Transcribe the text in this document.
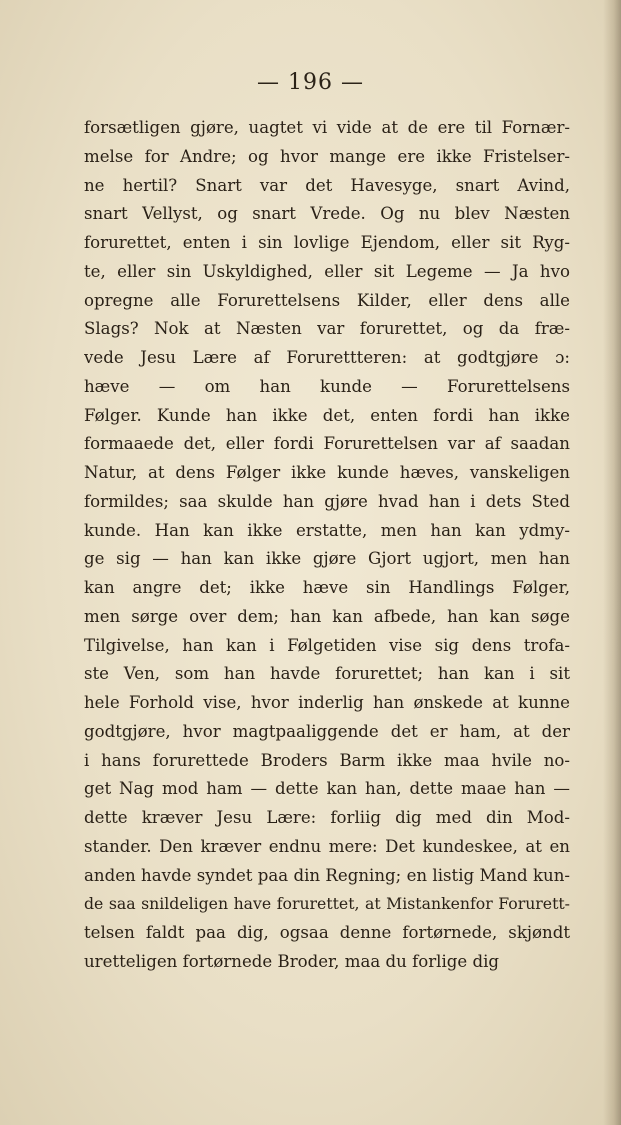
— 196 —
forsætligen gjøre, uagtet vi vide at de ere til Fornær-
melse for Andre; og hvor mange ere ikke Fristelser-
ne hertil? Snart var det Havesyge, snart Avind,
snart Vellyst, og snart Vrede. Og nu blev Næsten
forurettet, enten i sin lovlige Ejendom, eller sit Ryg-
te, eller sin Uskyldighed, eller sit Legeme — Ja hvo
opregne alle Forurettelsens Kilder, eller dens alle
Slags? Nok at Næsten var forurettet, og da fræ-
vede Jesu Lære af Forurettteren: at godtgjøre ɔ:
hæve — om han kunde — Forurettelsens
Følger. Kunde han ikke det, enten fordi han ikke
formaaede det, eller fordi Forurettelsen var af saadan
Natur, at dens Følger ikke kunde hæves, vanskeligen
formildes; saa skulde han gjøre hvad han i dets Sted
kunde. Han kan ikke erstatte, men han kan ydmy-
ge sig — han kan ikke gjøre Gjort ugjort, men han
kan angre det; ikke hæve sin Handlings Følger,
men sørge over dem; han kan afbede, han kan søge
Tilgivelse, han kan i Følgetiden vise sig dens trofa-
ste Ven, som han havde forurettet; han kan i sit
hele Forhold vise, hvor inderlig han ønskede at kunne
godtgjøre, hvor magtpaaliggende det er ham, at der
i hans forurettede Broders Barm ikke maa hvile no-
get Nag mod ham — dette kan han, dette maae han —
dette kræver Jesu Lære: forliig dig med din Mod-
stander. Den kræver endnu mere: Det kundeskee, at en
anden havde syndet paa din Regning; en listig Mand kun-
de saa snildeligen have forurettet, at Mistankenfor Forurett-
telsen faldt paa dig, ogsaa denne fortørnede, skjøndt
uretteligen fortørnede Broder, maa du forlige dig
